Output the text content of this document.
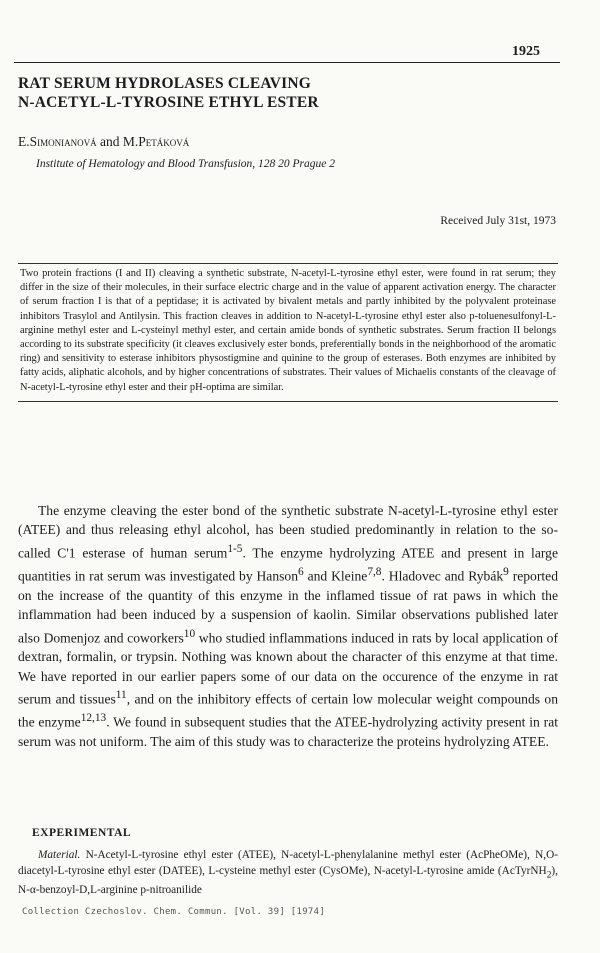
1925
RAT SERUM HYDROLASES CLEAVING
N-ACETYL-L-TYROSINE ETHYL ESTER
E.Simonianová and M.Petáková
Institute of Hematology and Blood Transfusion, 128 20 Prague 2
Received July 31st, 1973

Two protein fractions (I and II) cleaving a synthetic substrate, N-acetyl-L-tyrosine ethyl ester, were found in rat serum; they differ in the size of their molecules, in their surface electric charge and in the value of apparent activation energy. The character of serum fraction I is that of a peptidase; it is activated by bivalent metals and partly inhibited by the polyvalent proteinase inhibitors Trasylol and Antilysin. This fraction cleaves in addition to N-acetyl-L-tyrosine ethyl ester also p-toluenesulfonyl-L-arginine methyl ester and L-cysteinyl methyl ester, and certain amide bonds of synthetic substrates. Serum fraction II belongs according to its substrate specificity (it cleaves exclusively ester bonds, preferentially bonds in the neighborhood of the aromatic ring) and sensitivity to esterase inhibitors physostigmine and quinine to the group of esterases. Both enzymes are inhibited by fatty acids, aliphatic alcohols, and by higher concentrations of substrates. Their values of Michaelis constants of the cleavage of N-acetyl-L-tyrosine ethyl ester and their pH-optima are similar.

The enzyme cleaving the ester bond of the synthetic substrate N-acetyl-L-tyrosine ethyl ester (ATEE) and thus releasing ethyl alcohol, has been studied predominantly in relation to the so-called C'1 esterase of human serum$^{1-5}$. The enzyme hydrolyzing ATEE and present in large quantities in rat serum was investigated by Hanson$^6$ and Kleine$^{7,8}$. Hladovec and Rybák$^9$ reported on the increase of the quantity of this enzyme in the inflamed tissue of rat paws in which the inflammation had been induced by a suspension of kaolin. Similar observations published later also Domenjoz and coworkers$^{10}$ who studied inflammations induced in rats by local application of dextran, formalin, or trypsin. Nothing was known about the character of this enzyme at that time. We have reported in our earlier papers some of our data on the occurence of the enzyme in rat serum and tissues$^{11}$, and on the inhibitory effects of certain low molecular weight compounds on the enzyme$^{12,13}$. We found in subsequent studies that the ATEE-hydrolyzing activity present in rat serum was not uniform. The aim of this study was to characterize the proteins hydrolyzing ATEE.

EXPERIMENTAL

Material. N-Acetyl-L-tyrosine ethyl ester (ATEE), N-acetyl-L-phenylalanine methyl ester (AcPheOMe), N,O-diacetyl-L-tyrosine ethyl ester (DATEE), L-cysteine methyl ester (CysOMe), N-acetyl-L-tyrosine amide (AcTyrNH$_2$), N-α-benzoyl-D,L-arginine p-nitroanilide

Collection Czechoslov. Chem. Commun. [Vol. 39] [1974]
